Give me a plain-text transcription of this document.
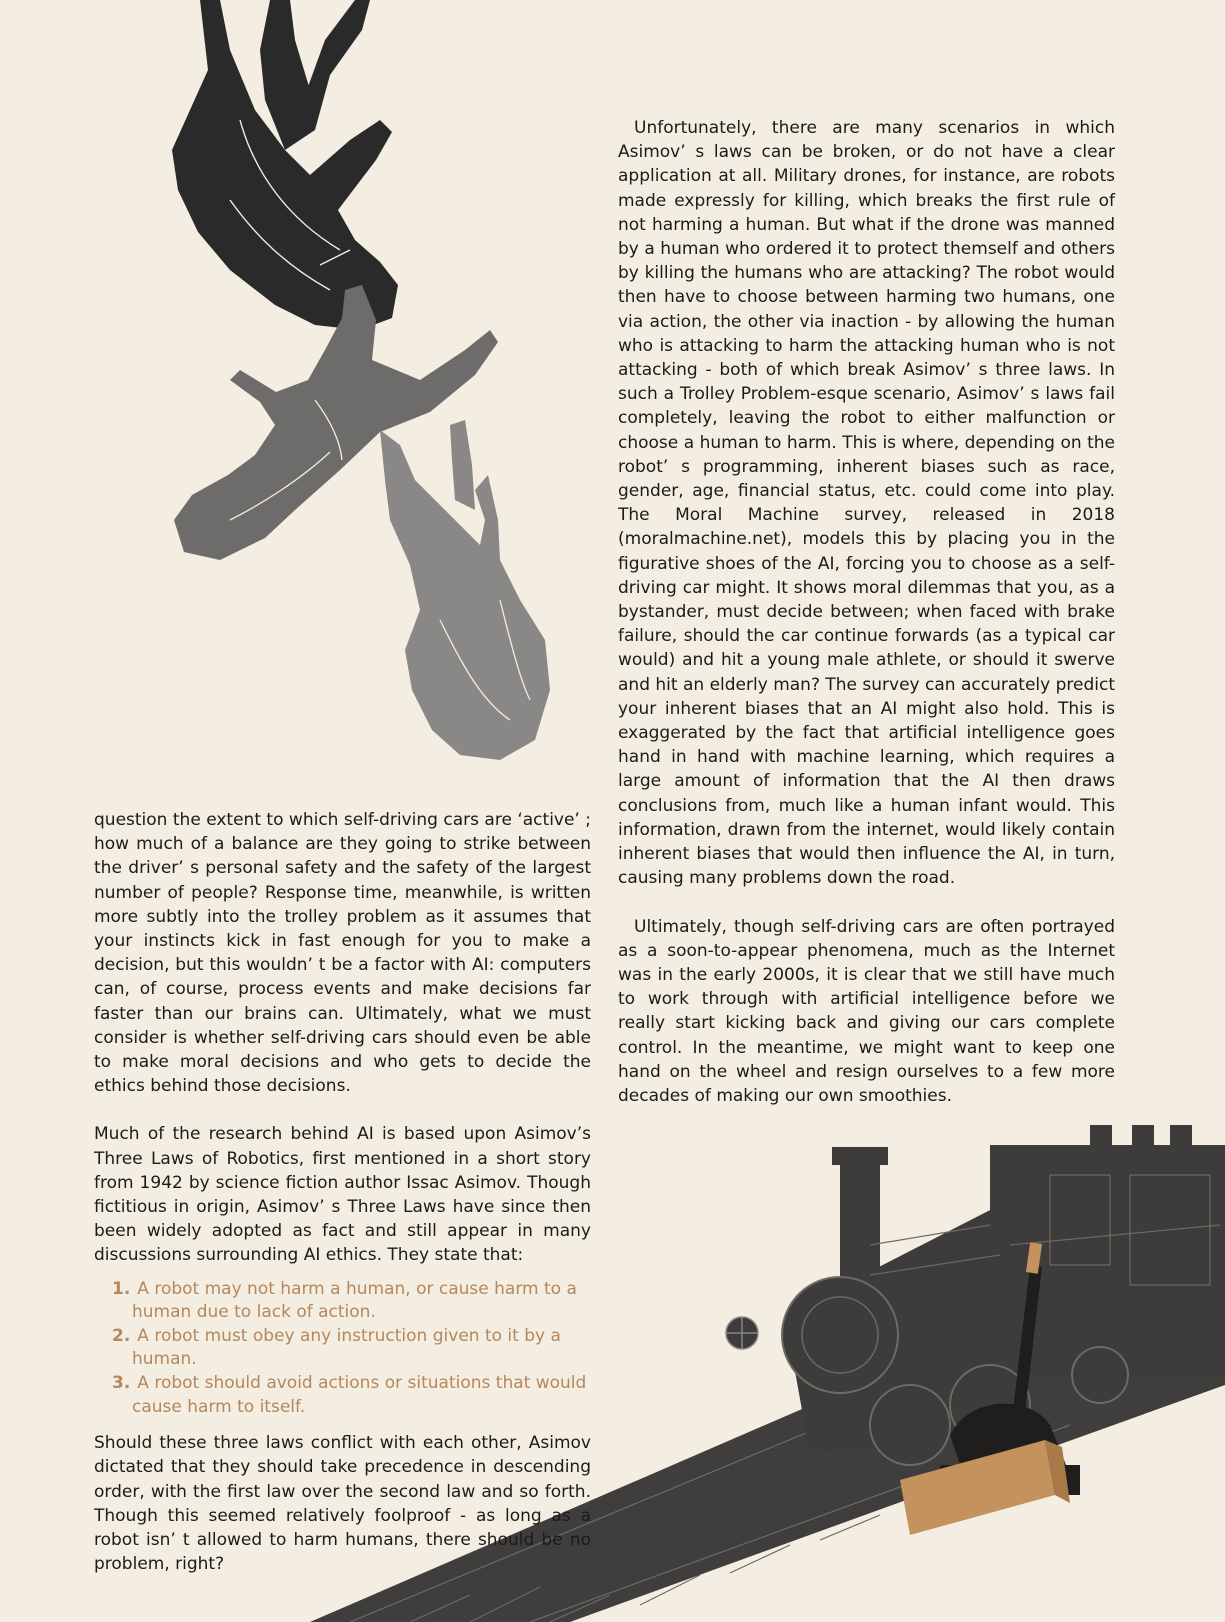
question the extent to which self-driving cars are ‘active’ ; how much of a balance are they going to strike between the driver’ s personal safety and the safety of the largest number of people? Response time, meanwhile, is written more subtly into the trolley problem as it assumes that your instincts kick in fast enough for you to make a decision, but this wouldn’ t be a factor with AI: computers can, of course, process events and make decisions far faster than our brains can. Ultimately, what we must consider is whether self-driving cars should even be able to make moral decisions and who gets to decide the ethics behind those decisions.

Much of the research behind AI is based upon Asimov’s Three Laws of Robotics, first mentioned in a short story from 1942 by science fiction author Issac Asimov. Though fictitious in origin, Asimov’ s Three Laws have since then been widely adopted as fact and still appear in many discussions surrounding AI ethics. They state that:

1. A robot may not harm a human, or cause harm to a human due to lack of action.
2. A robot must obey any instruction given to it by a human.
3. A robot should avoid actions or situations that would cause harm to itself.

Should these three laws conflict with each other, Asimov dictated that they should take precedence in descending order, with the first law over the second law and so forth. Though this seemed relatively foolproof - as long as a robot isn’ t allowed to harm humans, there should be no problem, right?

Unfortunately, there are many scenarios in which Asimov’ s laws can be broken, or do not have a clear application at all. Military drones, for instance, are robots made expressly for killing, which breaks the first rule of not harming a human. But what if the drone was manned by a human who ordered it to protect themself and others by killing the humans who are attacking? The robot would then have to choose between harming two humans, one via action, the other via inaction - by allowing the human who is attacking to harm the attacking human who is not attacking - both of which break Asimov’ s three laws. In such a Trolley Problem-esque scenario, Asimov’ s laws fail completely, leaving the robot to either malfunction or choose a human to harm. This is where, depending on the robot’ s programming, inherent biases such as race, gender, age, financial status, etc. could come into play. The Moral Machine survey, released in 2018 (moralmachine.net), models this by placing you in the figurative shoes of the AI, forcing you to choose as a self-driving car might. It shows moral dilemmas that you, as a bystander, must decide between; when faced with brake failure, should the car continue forwards (as a typical car would) and hit a young male athlete, or should it swerve and hit an elderly man? The survey can accurately predict your inherent biases that an AI might also hold. This is exaggerated by the fact that artificial intelligence goes hand in hand with machine learning, which requires a large amount of information that the AI then draws conclusions from, much like a human infant would. This information, drawn from the internet, would likely contain inherent biases that would then influence the AI, in turn, causing many problems down the road.

Ultimately, though self-driving cars are often portrayed as a soon-to-appear phenomena, much as the Internet was in the early 2000s, it is clear that we still have much to work through with artificial intelligence before we really start kicking back and giving our cars complete control. In the meantime, we might want to keep one hand on the wheel and resign ourselves to a few more decades of making our own smoothies.
